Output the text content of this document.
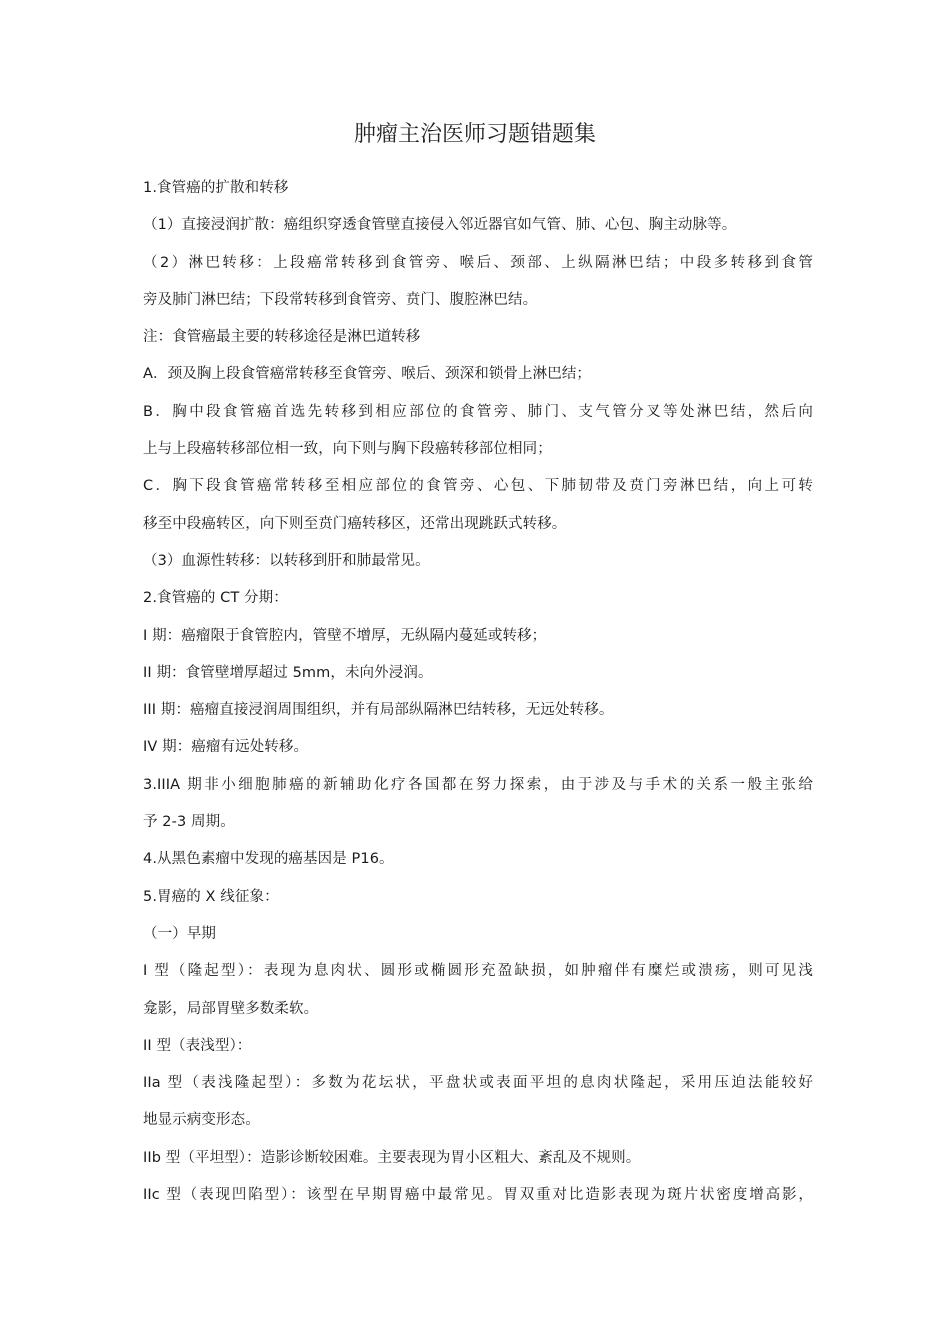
肿瘤主治医师习题错题集
1.食管癌的扩散和转移
（1）直接浸润扩散：癌组织穿透食管壁直接侵入邻近器官如气管、肺、心包、胸主动脉等。
（2）淋巴转移：上段癌常转移到食管旁、喉后、颈部、上纵隔淋巴结；中段多转移到食管
旁及肺门淋巴结；下段常转移到食管旁、贲门、腹腔淋巴结。
注：食管癌最主要的转移途径是淋巴道转移
A．颈及胸上段食管癌常转移至食管旁、喉后、颈深和锁骨上淋巴结；
B．胸中段食管癌首选先转移到相应部位的食管旁、肺门、支气管分叉等处淋巴结，然后向
上与上段癌转移部位相一致，向下则与胸下段癌转移部位相同；
C．胸下段食管癌常转移至相应部位的食管旁、心包、下肺韧带及贲门旁淋巴结，向上可转
移至中段癌转区，向下则至贲门癌转移区，还常出现跳跃式转移。
（3）血源性转移：以转移到肝和肺最常见。
2.食管癌的 CT 分期：
I 期：癌瘤限于食管腔内，管壁不增厚，无纵隔内蔓延或转移；
II 期：食管壁增厚超过 5mm，未向外浸润。
III 期：癌瘤直接浸润周围组织，并有局部纵隔淋巴结转移，无远处转移。
IV 期：癌瘤有远处转移。
3.IIIA 期非小细胞肺癌的新辅助化疗各国都在努力探索，由于涉及与手术的关系一般主张给
予 2-3 周期。
4.从黑色素瘤中发现的癌基因是 P16。
5.胃癌的 X 线征象：
（一）早期
I 型（隆起型）：表现为息肉状、圆形或椭圆形充盈缺损，如肿瘤伴有糜烂或溃疡，则可见浅
龛影，局部胃壁多数柔软。
II 型（表浅型）：
IIa 型（表浅隆起型）：多数为花坛状，平盘状或表面平坦的息肉状隆起，采用压迫法能较好
地显示病变形态。
IIb 型（平坦型）：造影诊断较困难。主要表现为胃小区粗大、紊乱及不规则。
IIc 型（表现凹陷型）：该型在早期胃癌中最常见。胃双重对比造影表现为斑片状密度增高影，
